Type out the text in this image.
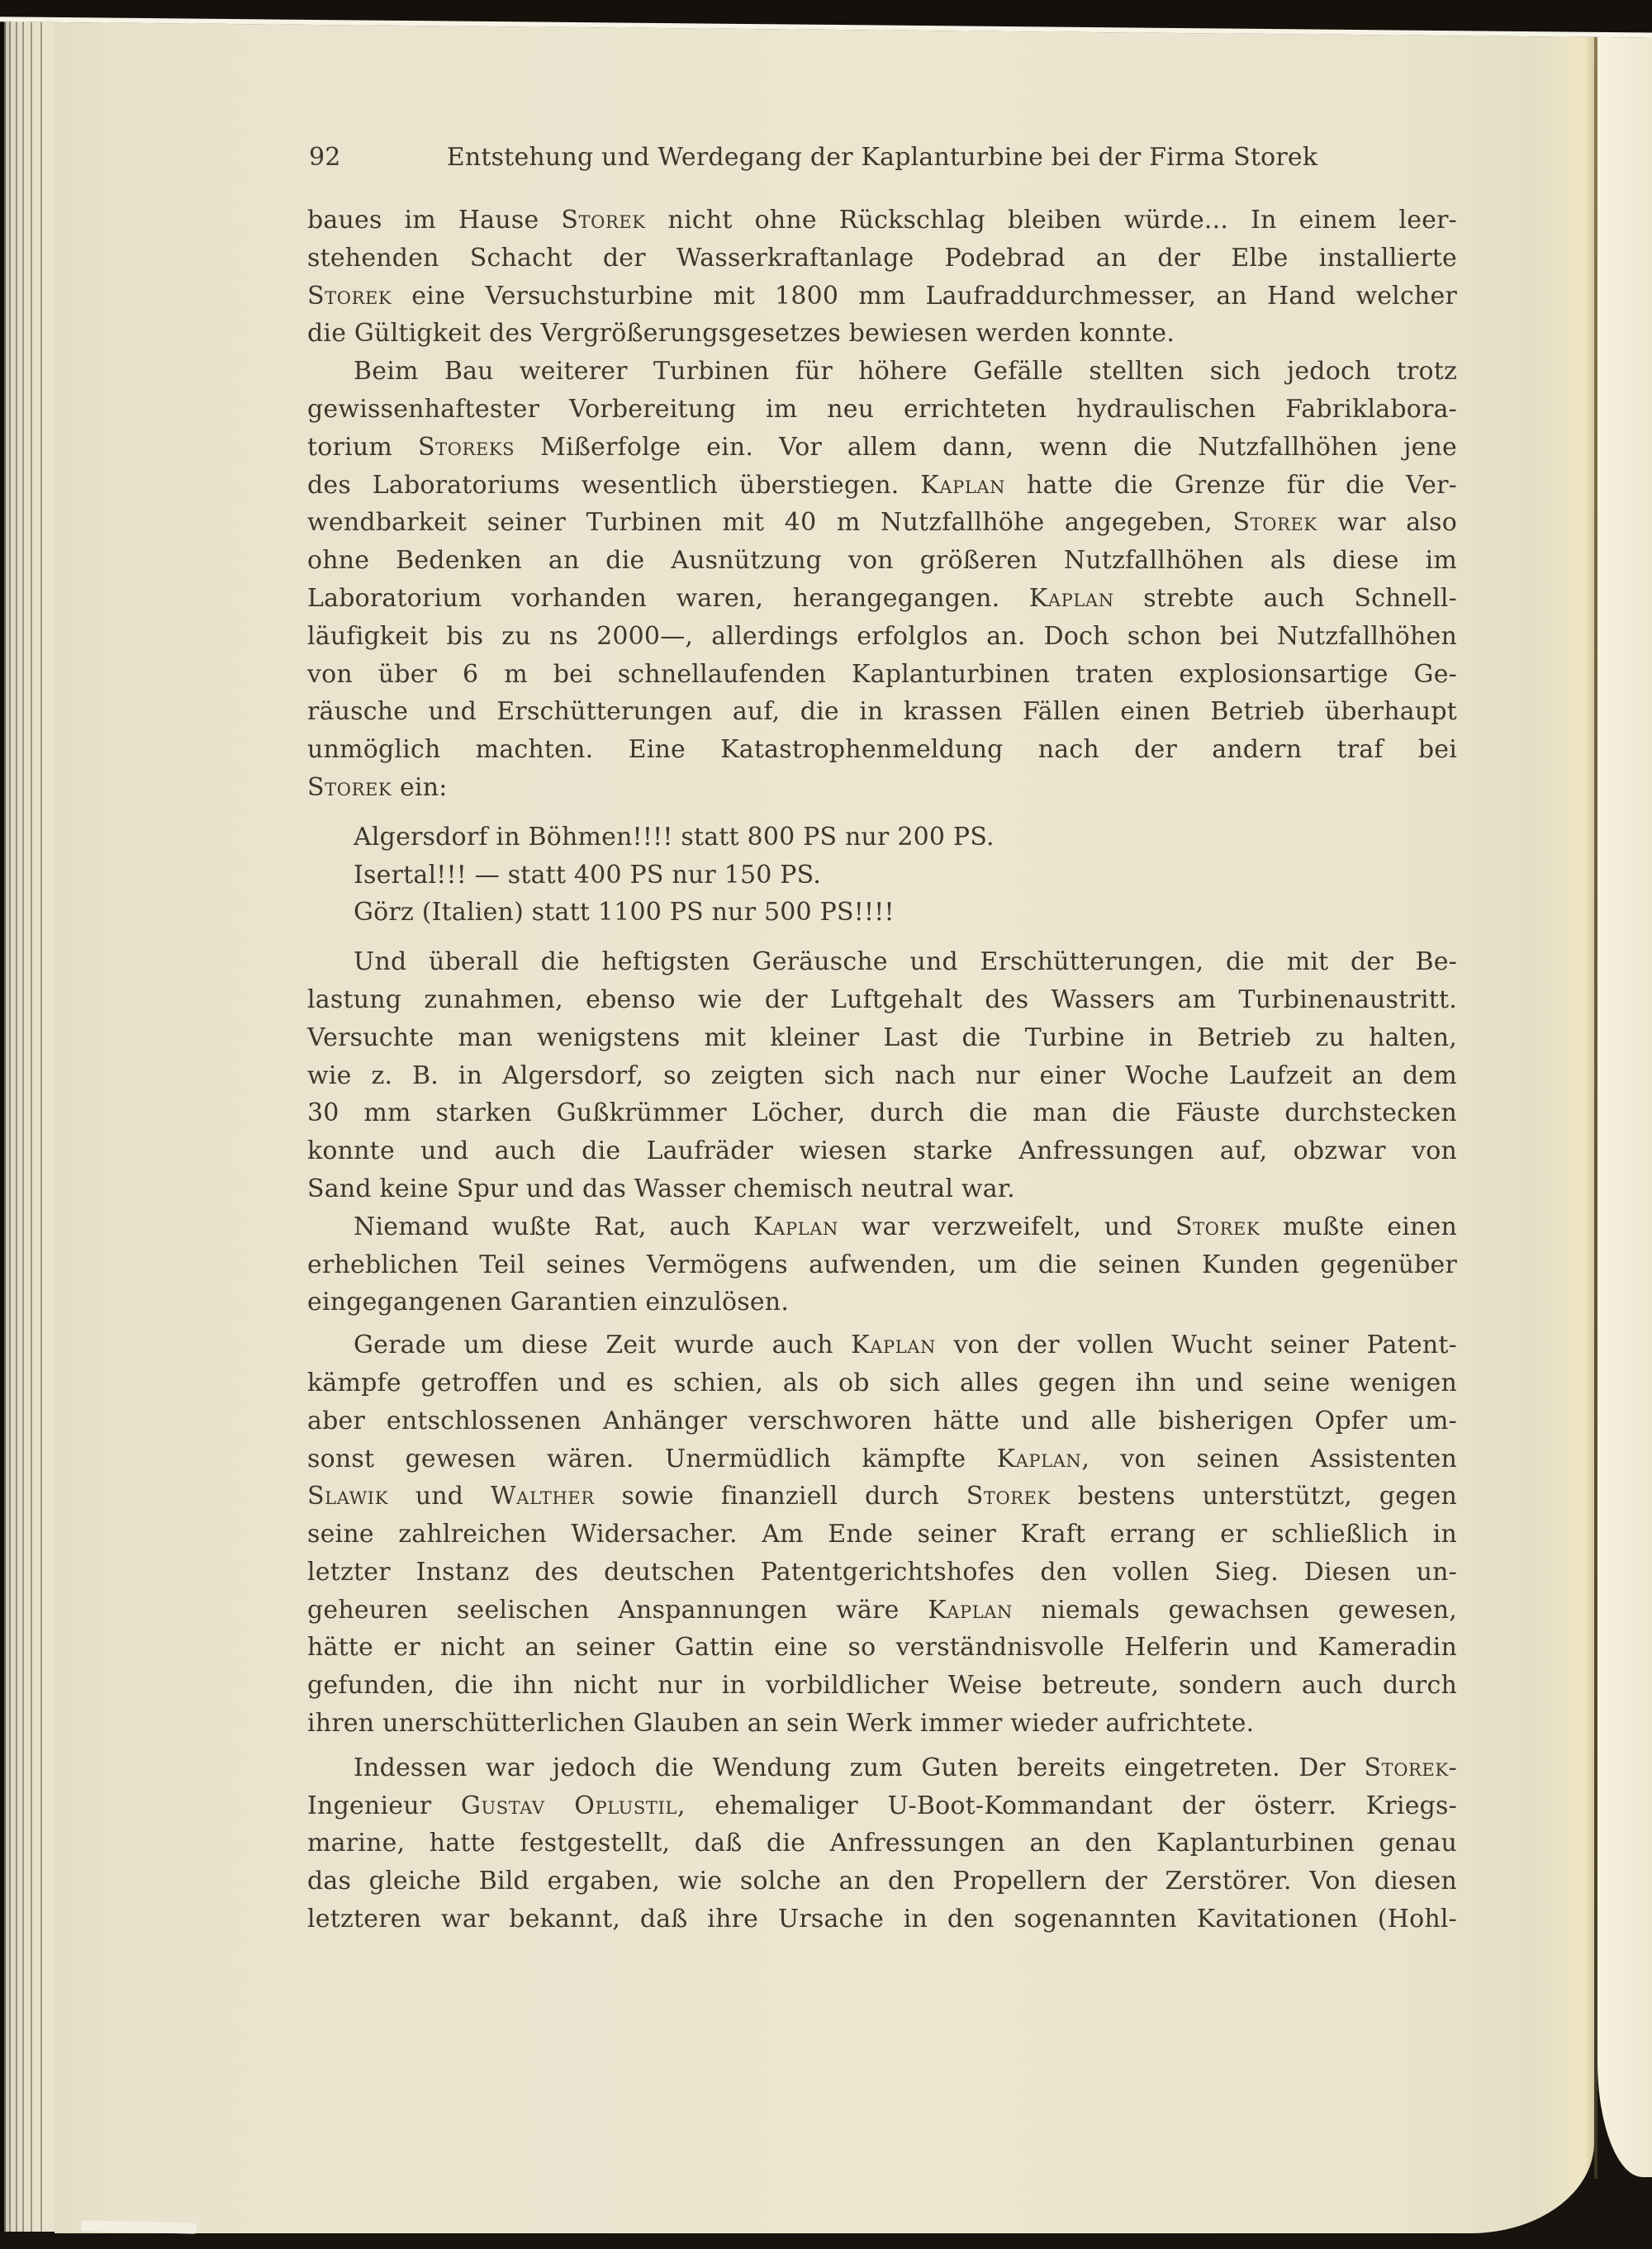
92	Entstehung und Werdegang der Kaplanturbine bei der Firma Storek
baues im Hause Storek nicht ohne Rückschlag bleiben würde... In einem leer-
stehenden Schacht der Wasserkraftanlage Podebrad an der Elbe installierte
Storek eine Versuchsturbine mit 1800 mm Laufraddurchmesser, an Hand welcher
die Gültigkeit des Vergrößerungsgesetzes bewiesen werden konnte.
Beim Bau weiterer Turbinen für höhere Gefälle stellten sich jedoch trotz
gewissenhaftester Vorbereitung im neu errichteten hydraulischen Fabriklabora-
torium Storeks Mißerfolge ein. Vor allem dann, wenn die Nutzfallhöhen jene
des Laboratoriums wesentlich überstiegen. Kaplan hatte die Grenze für die Ver-
wendbarkeit seiner Turbinen mit 40 m Nutzfallhöhe angegeben, Storek war also
ohne Bedenken an die Ausnützung von größeren Nutzfallhöhen als diese im
Laboratorium vorhanden waren, herangegangen. Kaplan strebte auch Schnell-
läufigkeit bis zu ns 2000—, allerdings erfolglos an. Doch schon bei Nutzfallhöhen
von über 6 m bei schnellaufenden Kaplanturbinen traten explosionsartige Ge-
räusche und Erschütterungen auf, die in krassen Fällen einen Betrieb überhaupt
unmöglich machten. Eine Katastrophenmeldung nach der andern traf bei
Storek ein:
Algersdorf in Böhmen!!!! statt 800 PS nur 200 PS.
Isertal!!! — statt 400 PS nur 150 PS.
Görz (Italien) statt 1100 PS nur 500 PS!!!!
Und überall die heftigsten Geräusche und Erschütterungen, die mit der Be-
lastung zunahmen, ebenso wie der Luftgehalt des Wassers am Turbinenaustritt.
Versuchte man wenigstens mit kleiner Last die Turbine in Betrieb zu halten,
wie z. B. in Algersdorf, so zeigten sich nach nur einer Woche Laufzeit an dem
30 mm starken Gußkrümmer Löcher, durch die man die Fäuste durchstecken
konnte und auch die Laufräder wiesen starke Anfressungen auf, obzwar von
Sand keine Spur und das Wasser chemisch neutral war.
Niemand wußte Rat, auch Kaplan war verzweifelt, und Storek mußte einen
erheblichen Teil seines Vermögens aufwenden, um die seinen Kunden gegenüber
eingegangenen Garantien einzulösen.
Gerade um diese Zeit wurde auch Kaplan von der vollen Wucht seiner Patent-
kämpfe getroffen und es schien, als ob sich alles gegen ihn und seine wenigen
aber entschlossenen Anhänger verschworen hätte und alle bisherigen Opfer um-
sonst gewesen wären. Unermüdlich kämpfte Kaplan, von seinen Assistenten
Slawik und Walther sowie finanziell durch Storek bestens unterstützt, gegen
seine zahlreichen Widersacher. Am Ende seiner Kraft errang er schließlich in
letzter Instanz des deutschen Patentgerichtshofes den vollen Sieg. Diesen un-
geheuren seelischen Anspannungen wäre Kaplan niemals gewachsen gewesen,
hätte er nicht an seiner Gattin eine so verständnisvolle Helferin und Kameradin
gefunden, die ihn nicht nur in vorbildlicher Weise betreute, sondern auch durch
ihren unerschütterlichen Glauben an sein Werk immer wieder aufrichtete.
Indessen war jedoch die Wendung zum Guten bereits eingetreten. Der Storek-
Ingenieur Gustav Oplustil, ehemaliger U-Boot-Kommandant der österr. Kriegs-
marine, hatte festgestellt, daß die Anfressungen an den Kaplanturbinen genau
das gleiche Bild ergaben, wie solche an den Propellern der Zerstörer. Von diesen
letzteren war bekannt, daß ihre Ursache in den sogenannten Kavitationen (Hohl-
